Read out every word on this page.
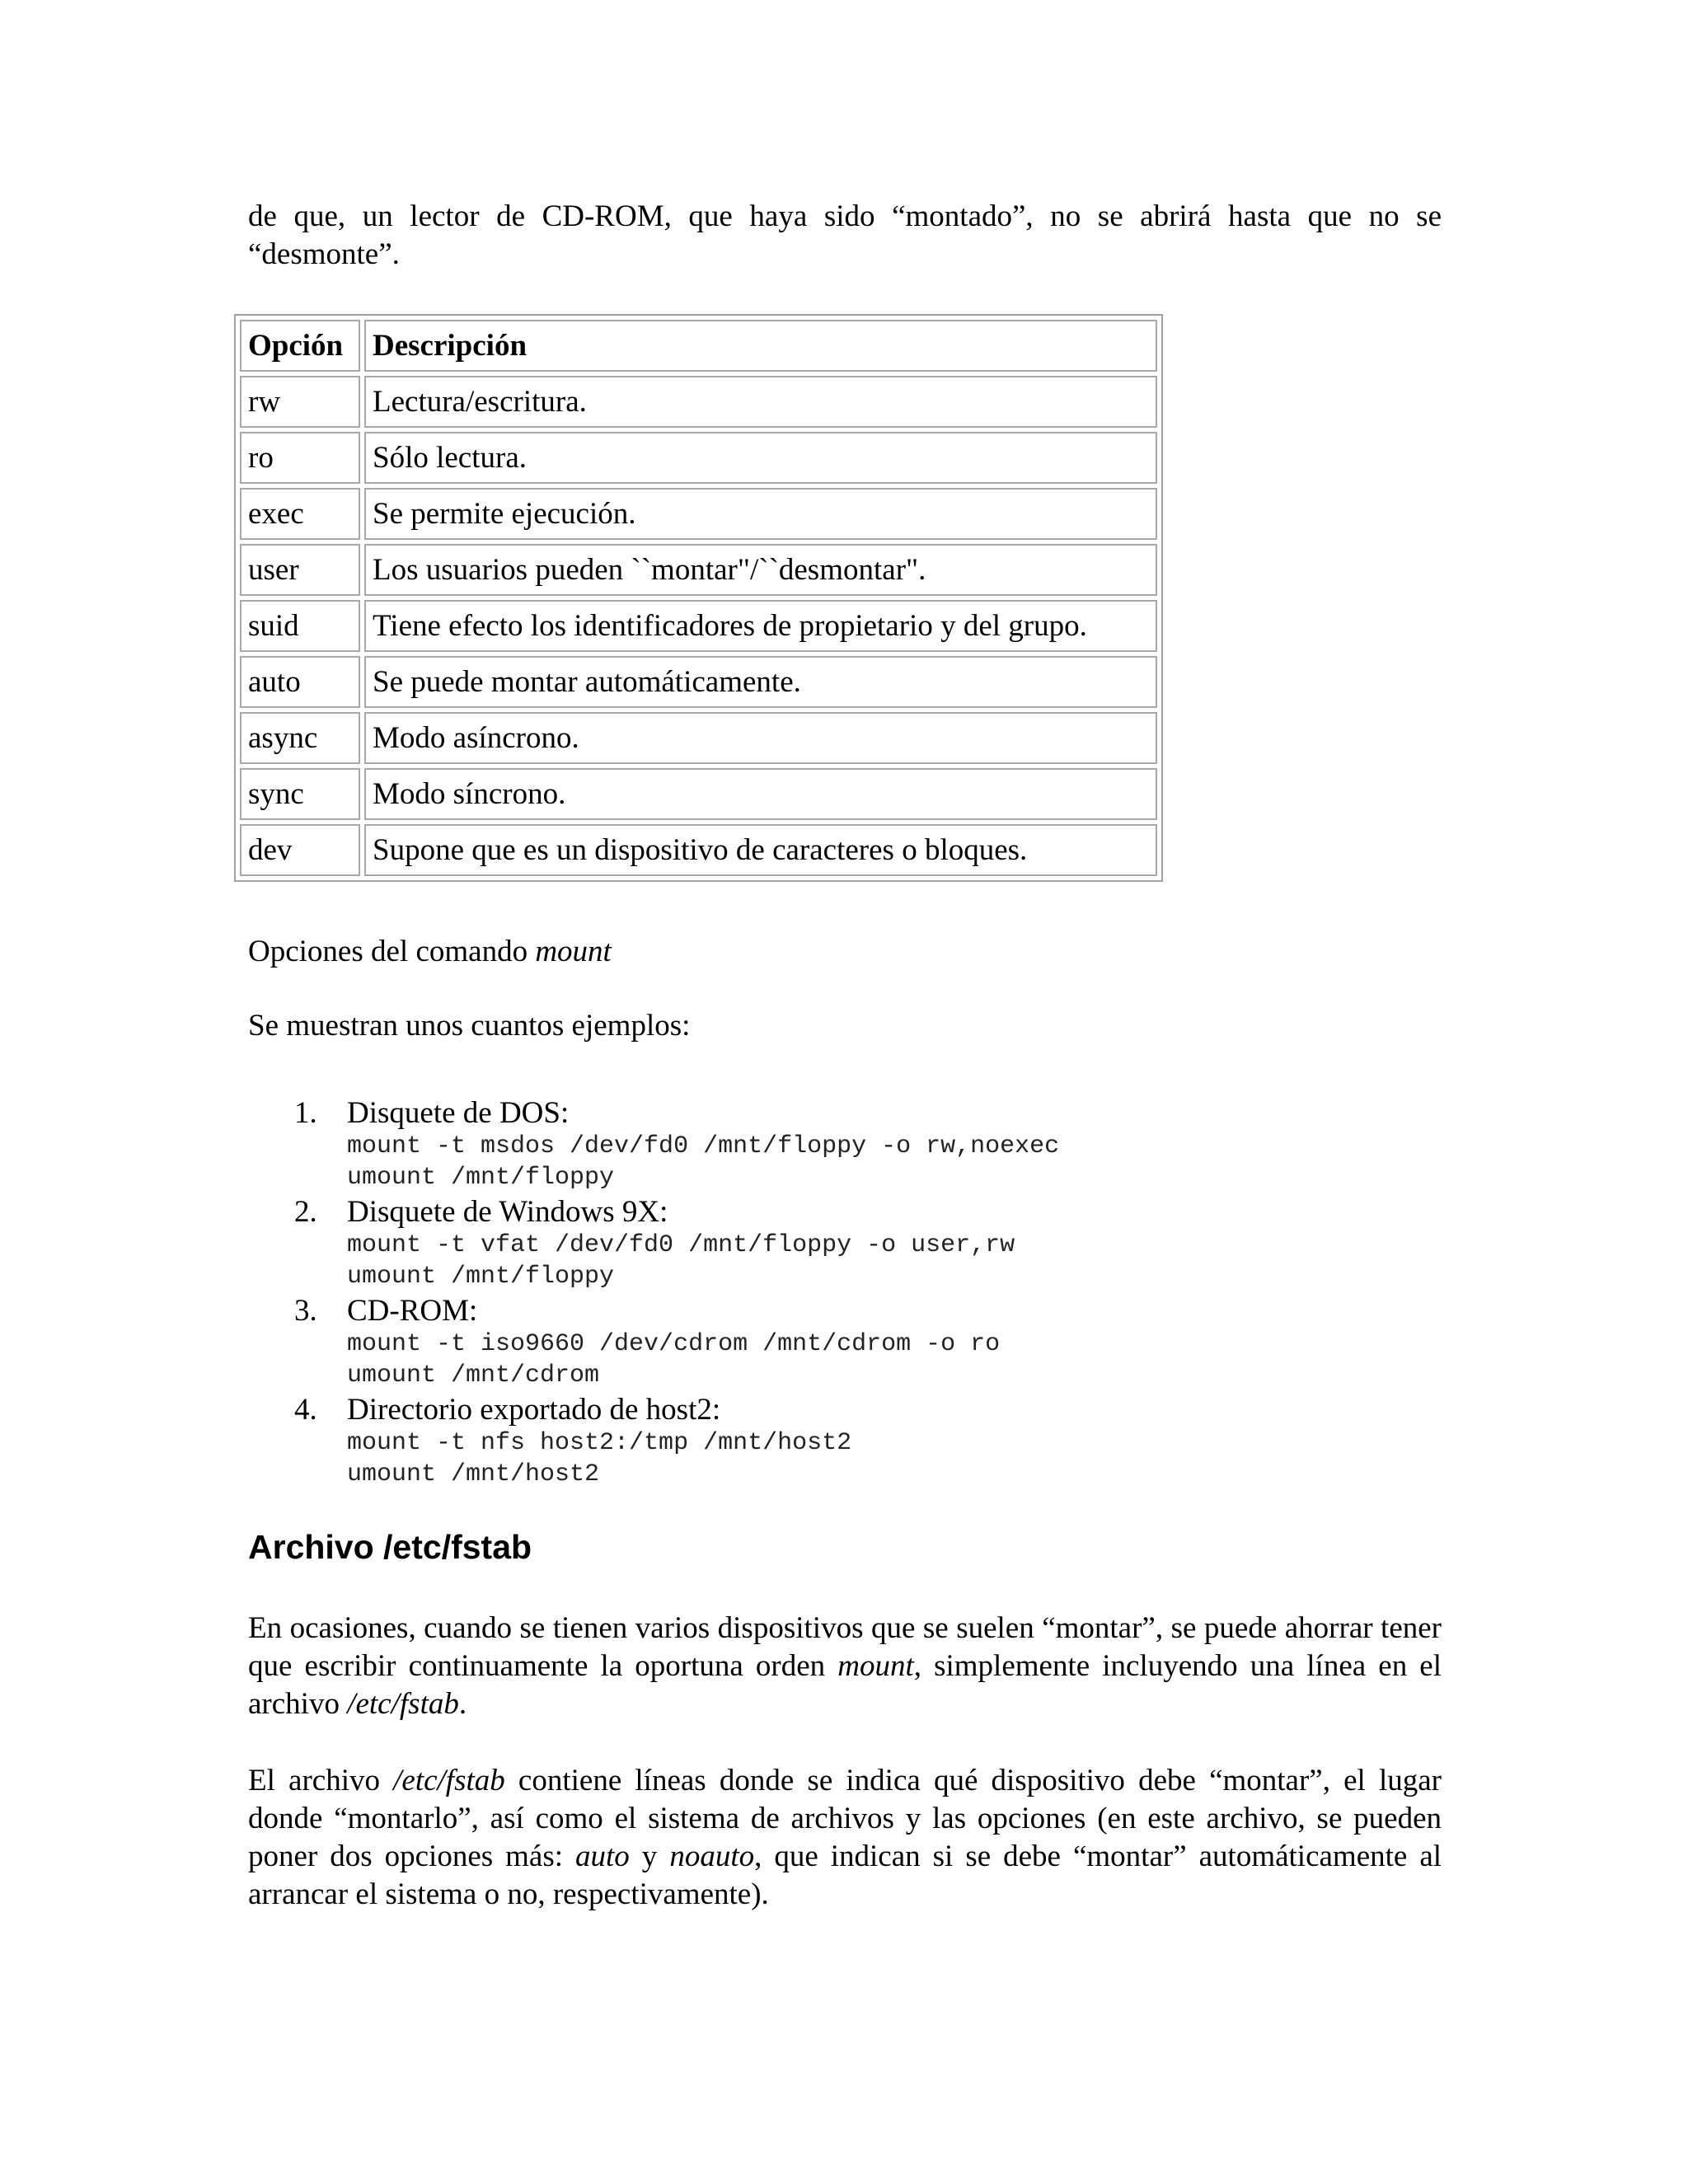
de que, un lector de CD-ROM, que haya sido “montado”, no se abrirá hasta que no se
“desmonte”.
Opción	Descripción
rw	Lectura/escritura.
ro	Sólo lectura.
exec	Se permite ejecución.
user	Los usuarios pueden ``montar"/``desmontar".
suid	Tiene efecto los identificadores de propietario y del grupo.
auto	Se puede montar automáticamente.
async	Modo asíncrono.
sync	Modo síncrono.
dev	Supone que es un dispositivo de caracteres o bloques.
Opciones del comando mount
Se muestran unos cuantos ejemplos:
1. Disquete de DOS:
mount -t msdos /dev/fd0 /mnt/floppy -o rw,noexec
umount /mnt/floppy
2. Disquete de Windows 9X:
mount -t vfat /dev/fd0 /mnt/floppy -o user,rw
umount /mnt/floppy
3. CD-ROM:
mount -t iso9660 /dev/cdrom /mnt/cdrom -o ro
umount /mnt/cdrom
4. Directorio exportado de host2:
mount -t nfs host2:/tmp /mnt/host2
umount /mnt/host2
Archivo /etc/fstab
En ocasiones, cuando se tienen varios dispositivos que se suelen “montar”, se puede ahorrar tener que escribir continuamente la oportuna orden mount, simplemente incluyendo una línea en el archivo /etc/fstab.
El archivo /etc/fstab contiene líneas donde se indica qué dispositivo debe “montar”, el lugar donde “montarlo”, así como el sistema de archivos y las opciones (en este archivo, se pueden poner dos opciones más: auto y noauto, que indican si se debe “montar” automáticamente al arrancar el sistema o no, respectivamente).
